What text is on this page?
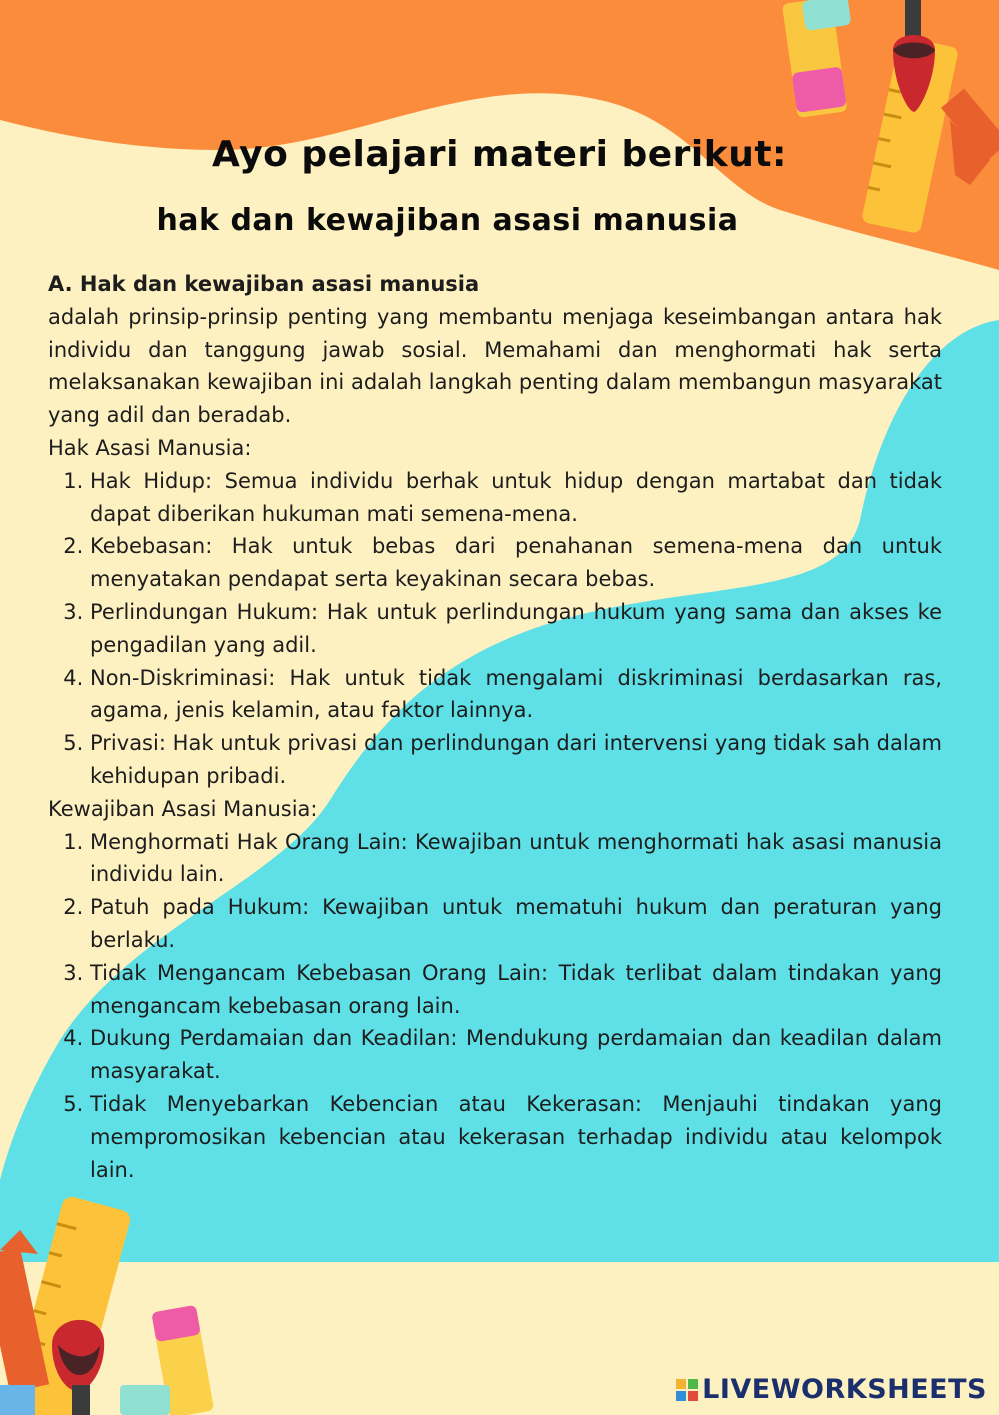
Ayo pelajari materi berikut:
hak dan kewajiban asasi manusia
A. Hak dan kewajiban asasi manusia
adalah prinsip-prinsip penting yang membantu menjaga keseimbangan antara hak individu dan tanggung jawab sosial. Memahami dan menghormati hak serta melaksanakan kewajiban ini adalah langkah penting dalam membangun masyarakat yang adil dan beradab.
Hak Asasi Manusia:
1. Hak Hidup: Semua individu berhak untuk hidup dengan martabat dan tidak dapat diberikan hukuman mati semena-mena.
2. Kebebasan: Hak untuk bebas dari penahanan semena-mena dan untuk menyatakan pendapat serta keyakinan secara bebas.
3. Perlindungan Hukum: Hak untuk perlindungan hukum yang sama dan akses ke pengadilan yang adil.
4. Non-Diskriminasi: Hak untuk tidak mengalami diskriminasi berdasarkan ras, agama, jenis kelamin, atau faktor lainnya.
5. Privasi: Hak untuk privasi dan perlindungan dari intervensi yang tidak sah dalam kehidupan pribadi.
Kewajiban Asasi Manusia:
1. Menghormati Hak Orang Lain: Kewajiban untuk menghormati hak asasi manusia individu lain.
2. Patuh pada Hukum: Kewajiban untuk mematuhi hukum dan peraturan yang berlaku.
3. Tidak Mengancam Kebebasan Orang Lain: Tidak terlibat dalam tindakan yang mengancam kebebasan orang lain.
4. Dukung Perdamaian dan Keadilan: Mendukung perdamaian dan keadilan dalam masyarakat.
5. Tidak Menyebarkan Kebencian atau Kekerasan: Menjauhi tindakan yang mempromosikan kebencian atau kekerasan terhadap individu atau kelompok lain.
LIVEWORKSHEETS
